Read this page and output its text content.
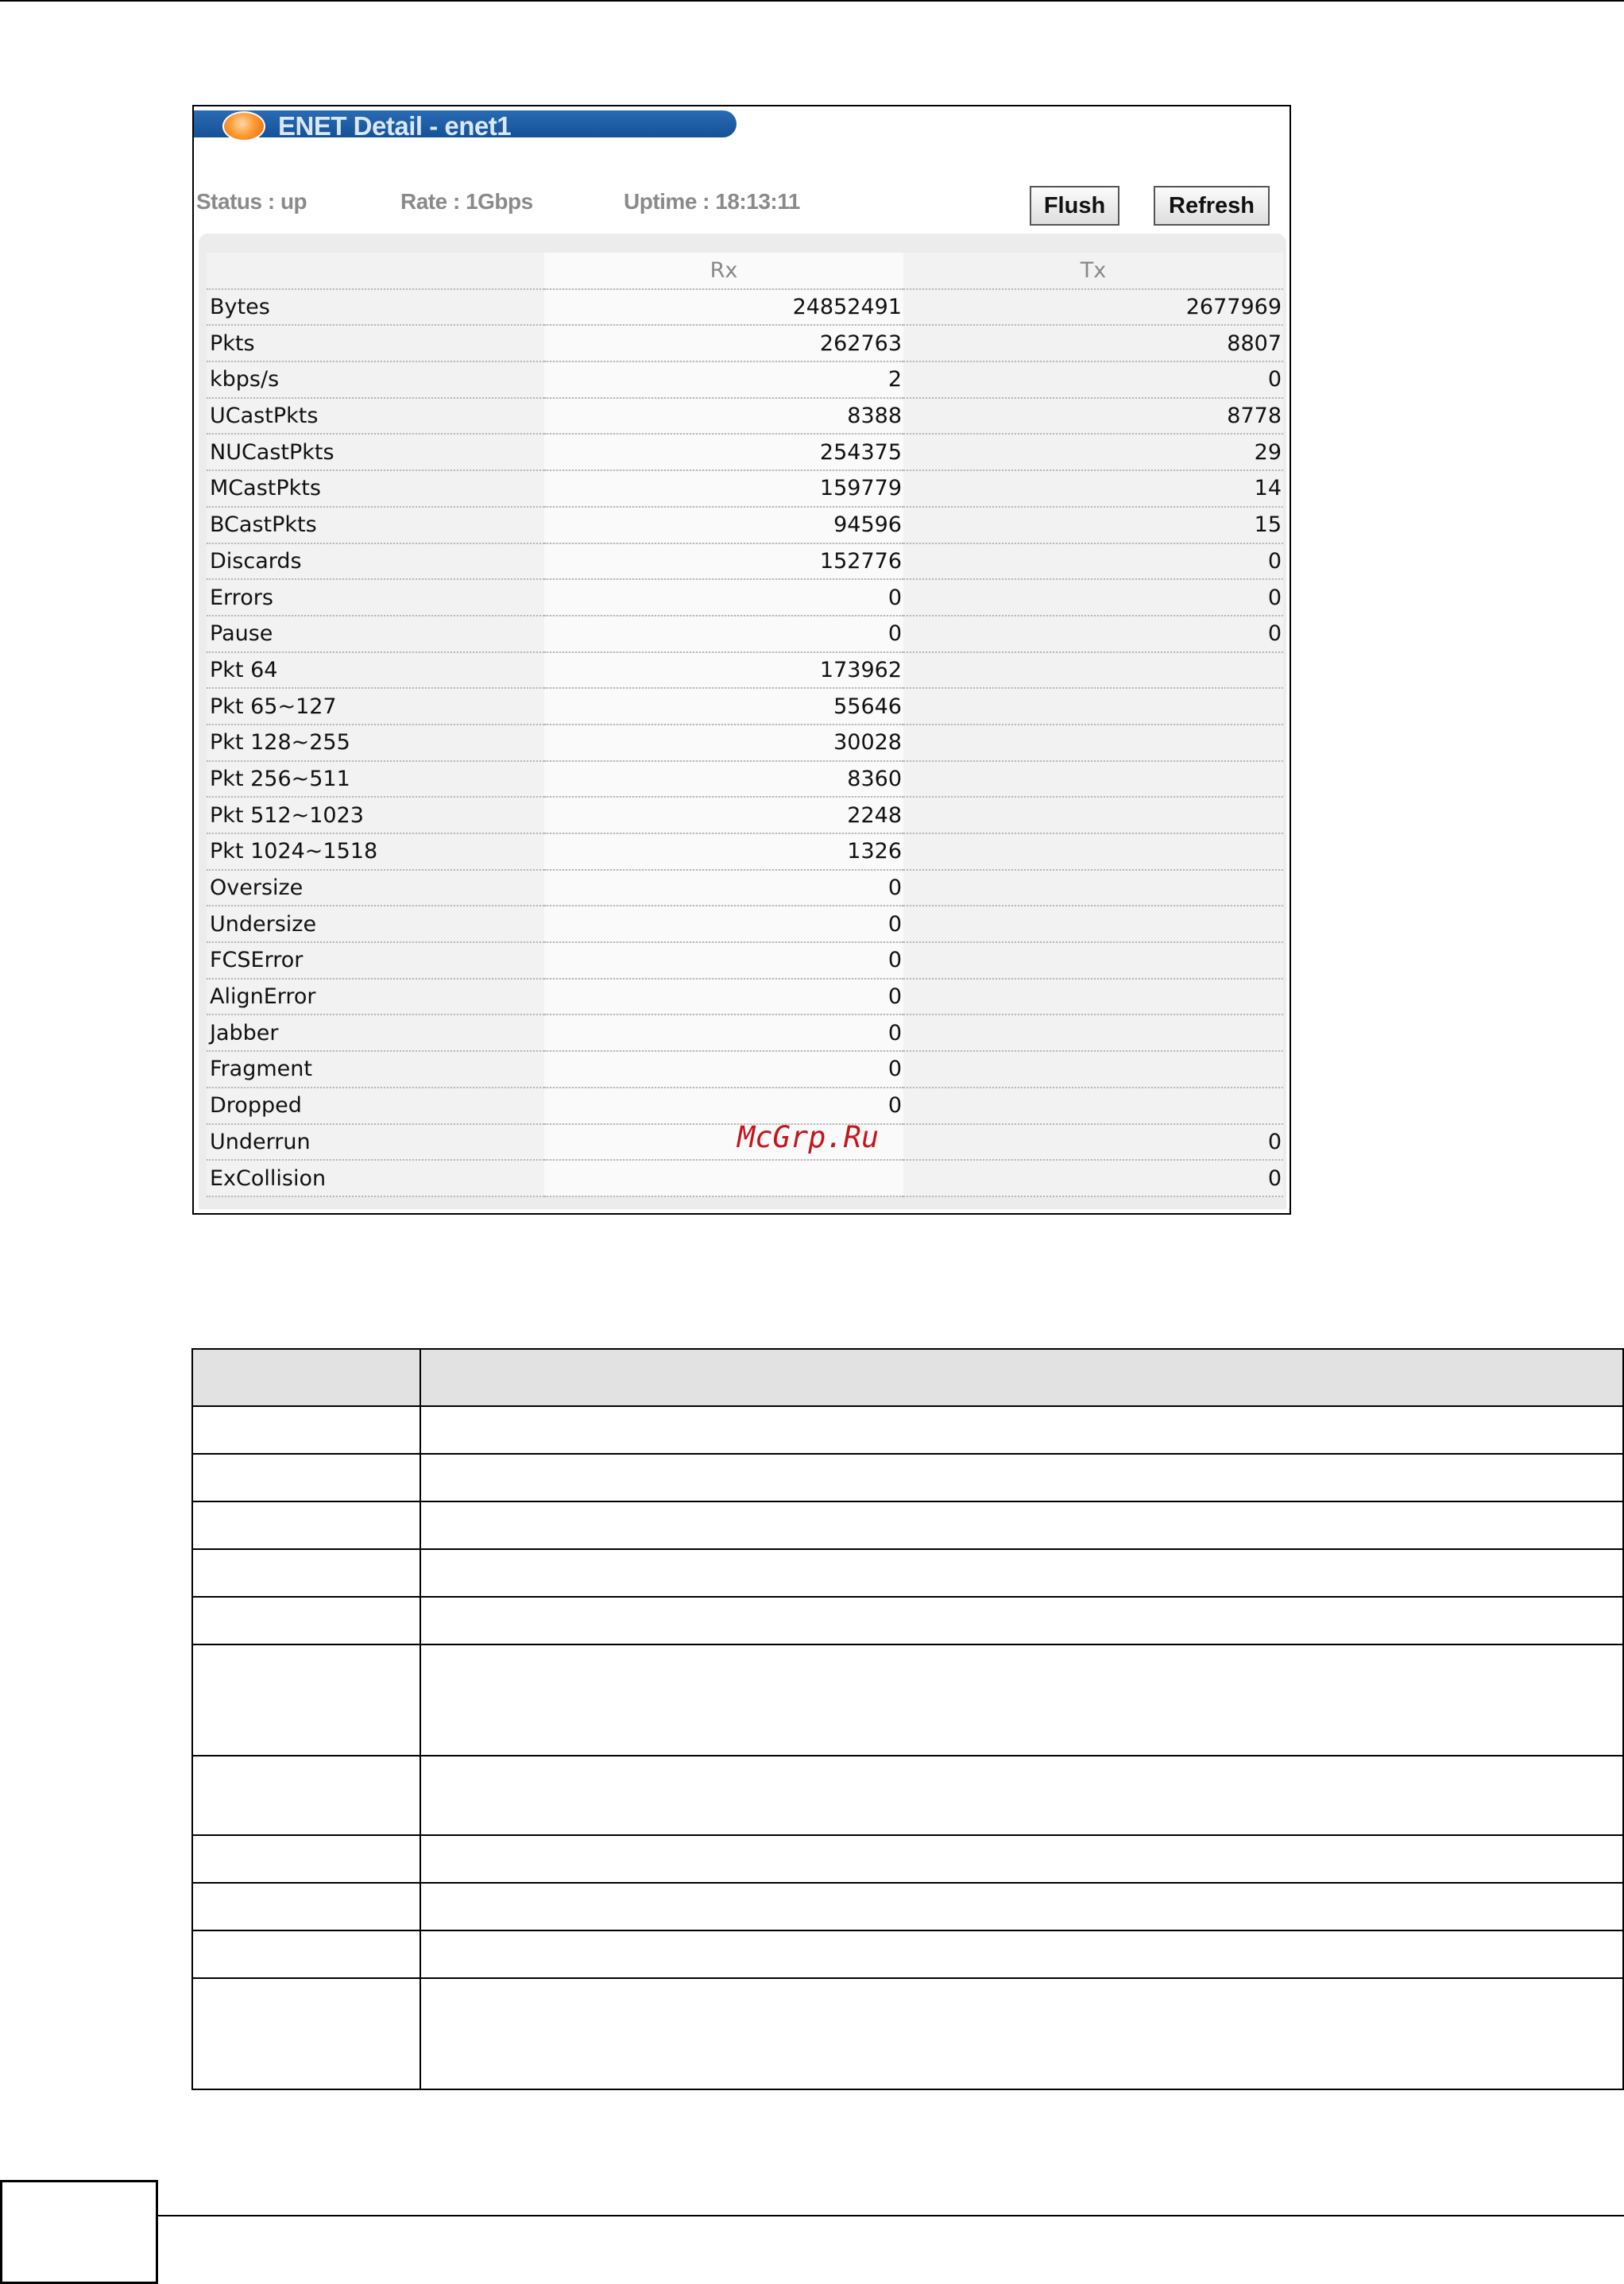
ENET Detail - enet1
Status : up	Rate : 1Gbps	Uptime : 18:13:11	Flush	Refresh
	Rx	Tx
Bytes	24852491	2677969
Pkts	262763	8807
kbps/s	2	0
UCastPkts	8388	8778
NUCastPkts	254375	29
MCastPkts	159779	14
BCastPkts	94596	15
Discards	152776	0
Errors	0	0
Pause	0	0
Pkt 64	173962	
Pkt 65~127	55646	
Pkt 128~255	30028	
Pkt 256~511	8360	
Pkt 512~1023	2248	
Pkt 1024~1518	1326	
Oversize	0	
Undersize	0	
FCSError	0	
AlignError	0	
Jabber	0	
Fragment	0	
Dropped	0	
Underrun		0
ExCollision		0
McGrp.Ru
